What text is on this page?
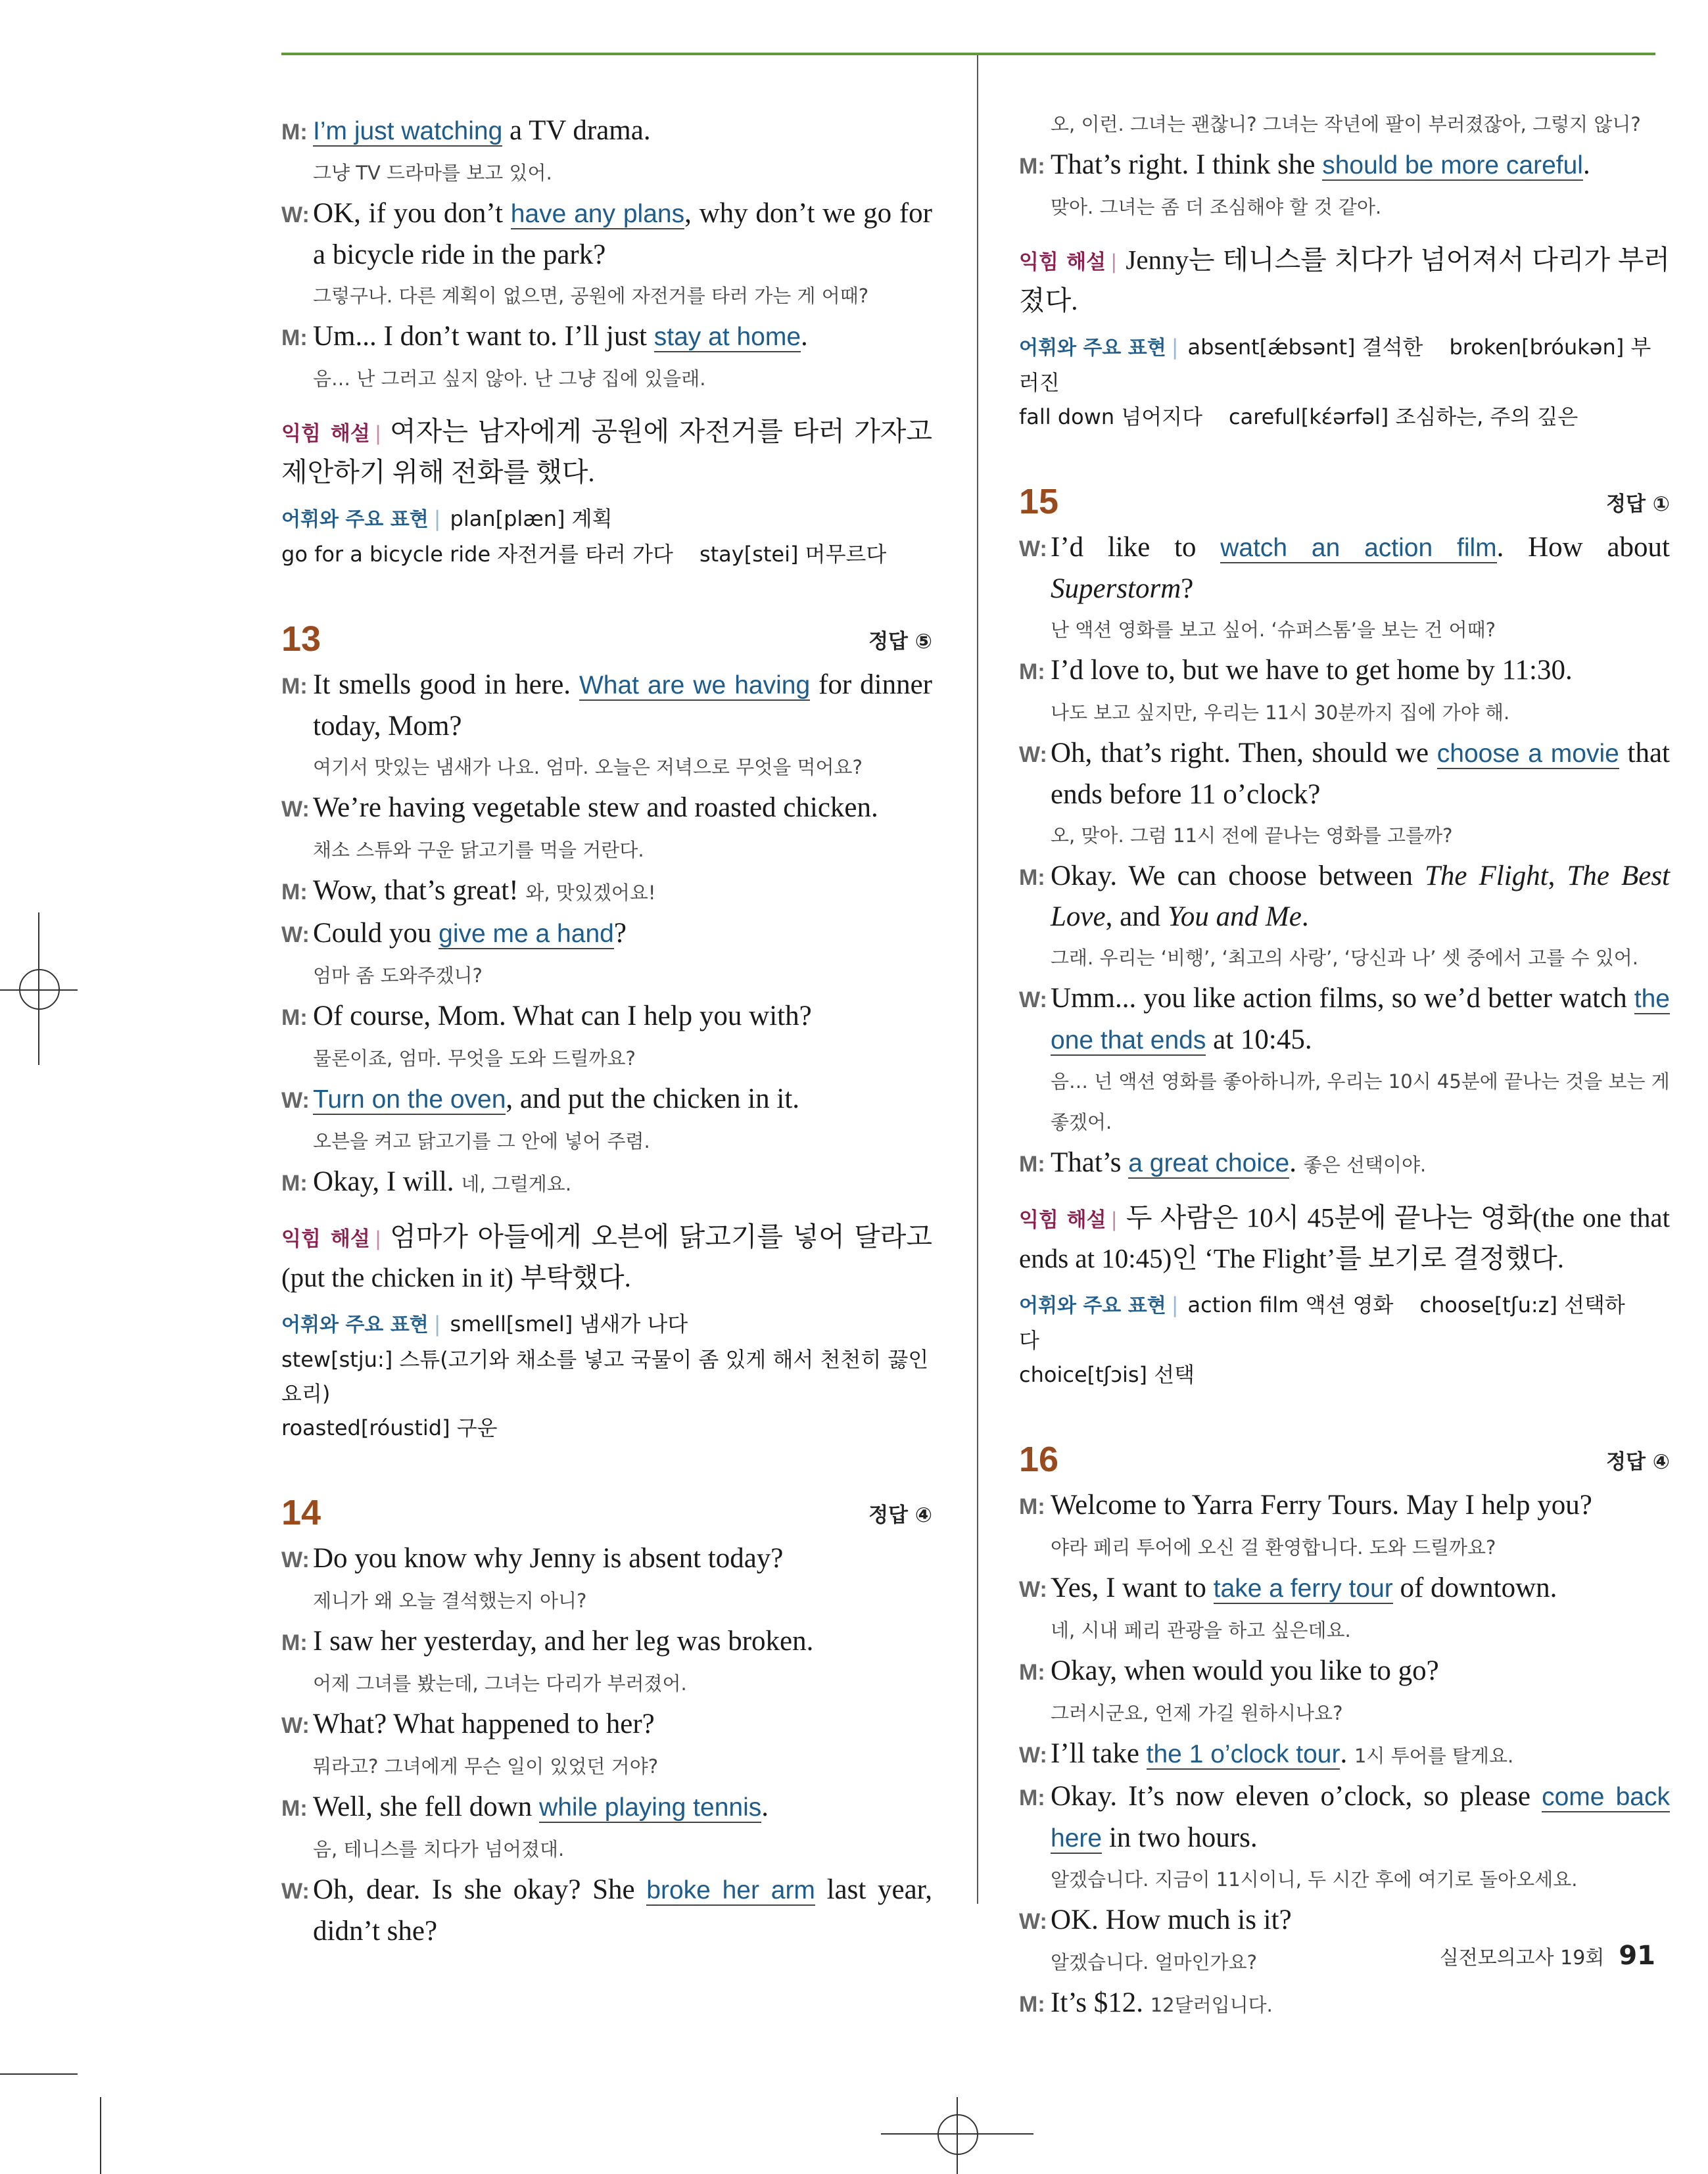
M: I’m just watching a TV drama.
그냥 TV 드라마를 보고 있어.
W: OK, if you don’t have any plans, why don’t we go for a bicycle ride in the park?
그렇구나. 다른 계획이 없으면, 공원에 자전거를 타러 가는 게 어때?
M: Um... I don’t want to. I’ll just stay at home.
음… 난 그러고 싶지 않아. 난 그냥 집에 있을래.
익힘 해설 | 여자는 남자에게 공원에 자전거를 타러 가자고 제안하기 위해 전화를 했다.
어휘와 주요 표현 | plan[plæn] 계획
go for a bicycle ride 자전거를 타러 가다 stay[stei] 머무르다
13	정답 ⑤
M: It smells good in here. What are we having for dinner today, Mom?
여기서 맛있는 냄새가 나요. 엄마. 오늘은 저녁으로 무엇을 먹어요?
W: We’re having vegetable stew and roasted chicken.
채소 스튜와 구운 닭고기를 먹을 거란다.
M: Wow, that’s great! 와, 맛있겠어요!
W: Could you give me a hand?
엄마 좀 도와주겠니?
M: Of course, Mom. What can I help you with?
물론이죠, 엄마. 무엇을 도와 드릴까요?
W: Turn on the oven, and put the chicken in it.
오븐을 켜고 닭고기를 그 안에 넣어 주렴.
M: Okay, I will. 네, 그럴게요.
익힘 해설 | 엄마가 아들에게 오븐에 닭고기를 넣어 달라고(put the chicken in it) 부탁했다.
어휘와 주요 표현 | smell[smel] 냄새가 나다
stew[stju:] 스튜(고기와 채소를 넣고 국물이 좀 있게 해서 천천히 끓인 요리)
roasted[róustid] 구운
14	정답 ④
W: Do you know why Jenny is absent today?
제니가 왜 오늘 결석했는지 아니?
M: I saw her yesterday, and her leg was broken.
어제 그녀를 봤는데, 그녀는 다리가 부러졌어.
W: What? What happened to her?
뭐라고? 그녀에게 무슨 일이 있었던 거야?
M: Well, she fell down while playing tennis.
음, 테니스를 치다가 넘어졌대.
W: Oh, dear. Is she okay? She broke her arm last year, didn’t she?
오, 이런. 그녀는 괜찮니? 그녀는 작년에 팔이 부러졌잖아, 그렇지 않니?
M: That’s right. I think she should be more careful.
맞아. 그녀는 좀 더 조심해야 할 것 같아.
익힘 해설 | Jenny는 테니스를 치다가 넘어져서 다리가 부러졌다.
어휘와 주요 표현 | absent[ǽbsənt] 결석한 broken[bróukən] 부러진
fall down 넘어지다 careful[kέərfəl] 조심하는, 주의 깊은
15	정답 ①
W: I’d like to watch an action film. How about Superstorm?
난 액션 영화를 보고 싶어. ‘슈퍼스톰’을 보는 건 어때?
M: I’d love to, but we have to get home by 11:30.
나도 보고 싶지만, 우리는 11시 30분까지 집에 가야 해.
W: Oh, that’s right. Then, should we choose a movie that ends before 11 o’clock?
오, 맞아. 그럼 11시 전에 끝나는 영화를 고를까?
M: Okay. We can choose between The Flight, The Best Love, and You and Me.
그래. 우리는 ‘비행’, ‘최고의 사랑’, ‘당신과 나’ 셋 중에서 고를 수 있어.
W: Umm... you like action films, so we’d better watch the one that ends at 10:45.
음… 넌 액션 영화를 좋아하니까, 우리는 10시 45분에 끝나는 것을 보는 게 좋겠어.
M: That’s a great choice. 좋은 선택이야.
익힘 해설 | 두 사람은 10시 45분에 끝나는 영화(the one that ends at 10:45)인 ‘The Flight’를 보기로 결정했다.
어휘와 주요 표현 | action film 액션 영화 choose[tʃu:z] 선택하다
choice[tʃɔis] 선택
16	정답 ④
M: Welcome to Yarra Ferry Tours. May I help you?
야라 페리 투어에 오신 걸 환영합니다. 도와 드릴까요?
W: Yes, I want to take a ferry tour of downtown.
네, 시내 페리 관광을 하고 싶은데요.
M: Okay, when would you like to go?
그러시군요, 언제 가길 원하시나요?
W: I’ll take the 1 o’clock tour. 1시 투어를 탈게요.
M: Okay. It’s now eleven o’clock, so please come back here in two hours.
알겠습니다. 지금이 11시이니, 두 시간 후에 여기로 돌아오세요.
W: OK. How much is it?
알겠습니다. 얼마인가요?
M: It’s $12. 12달러입니다.
실전모의고사 19회 91
